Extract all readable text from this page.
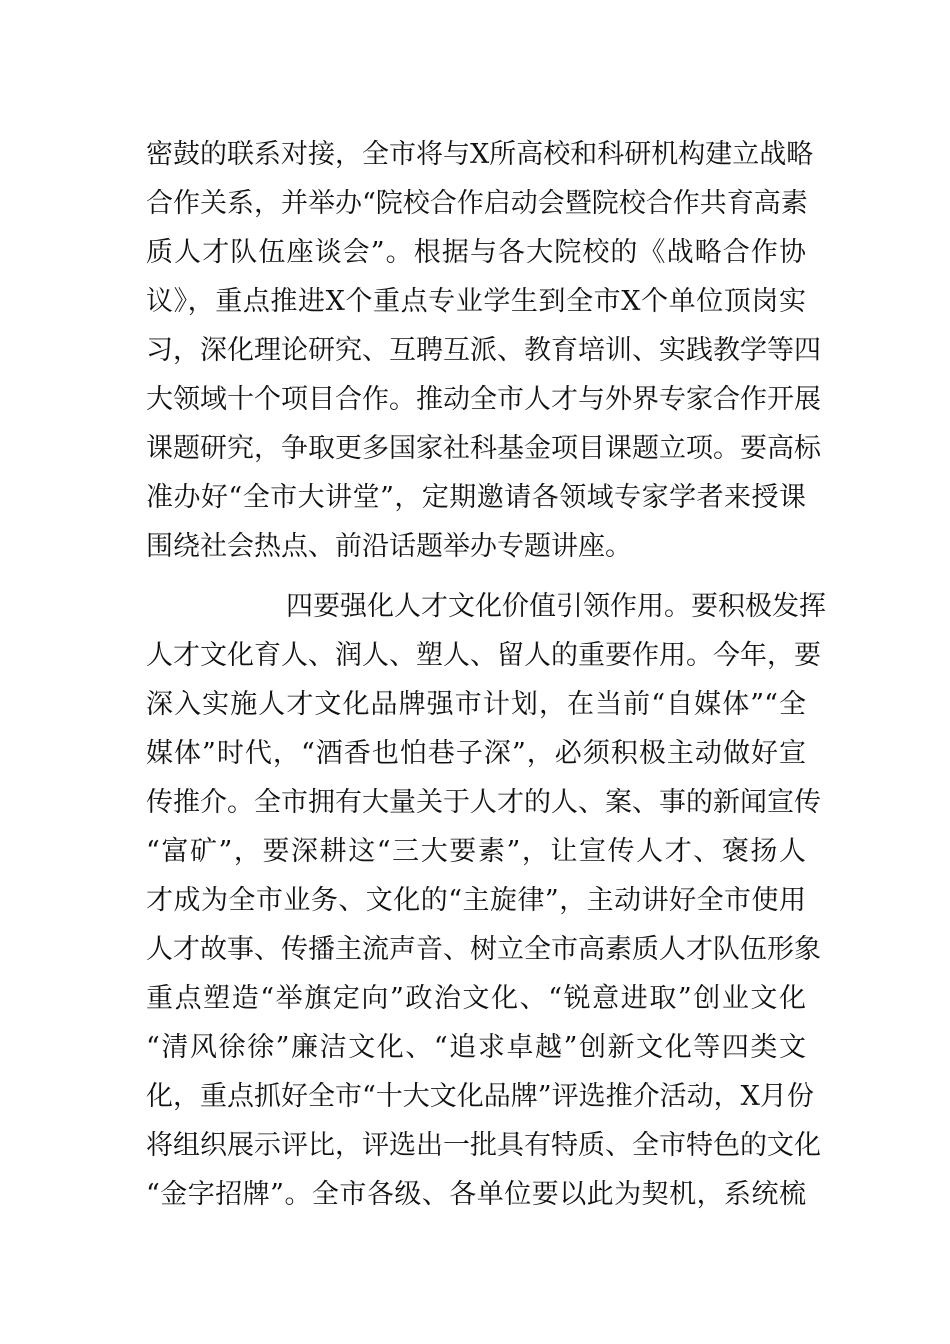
密鼓的联系对接，全市将与X所高校和科研机构建立战略
合作关系，并举办“院校合作启动会暨院校合作共育高素
质人才队伍座谈会”。根据与各大院校的《战略合作协
议》，重点推进X个重点专业学生到全市X个单位顶岗实
习，深化理论研究、互聘互派、教育培训、实践教学等四
大领域十个项目合作。推动全市人才与外界专家合作开展
课题研究，争取更多国家社科基金项目课题立项。要高标
准办好“全市大讲堂”，定期邀请各领域专家学者来授课
围绕社会热点、前沿话题举办专题讲座。
四要强化人才文化价值引领作用。要积极发挥
人才文化育人、润人、塑人、留人的重要作用。今年，要
深入实施人才文化品牌强市计划，在当前“自媒体”“全
媒体”时代，“酒香也怕巷子深”，必须积极主动做好宣
传推介。全市拥有大量关于人才的人、案、事的新闻宣传
“富矿”，要深耕这“三大要素”，让宣传人才、褒扬人
才成为全市业务、文化的“主旋律”，主动讲好全市使用
人才故事、传播主流声音、树立全市高素质人才队伍形象
重点塑造“举旗定向”政治文化、“锐意进取”创业文化
“清风徐徐”廉洁文化、“追求卓越”创新文化等四类文
化，重点抓好全市“十大文化品牌”评选推介活动，X月份
将组织展示评比，评选出一批具有特质、全市特色的文化
“金字招牌”。全市各级、各单位要以此为契机，系统梳
